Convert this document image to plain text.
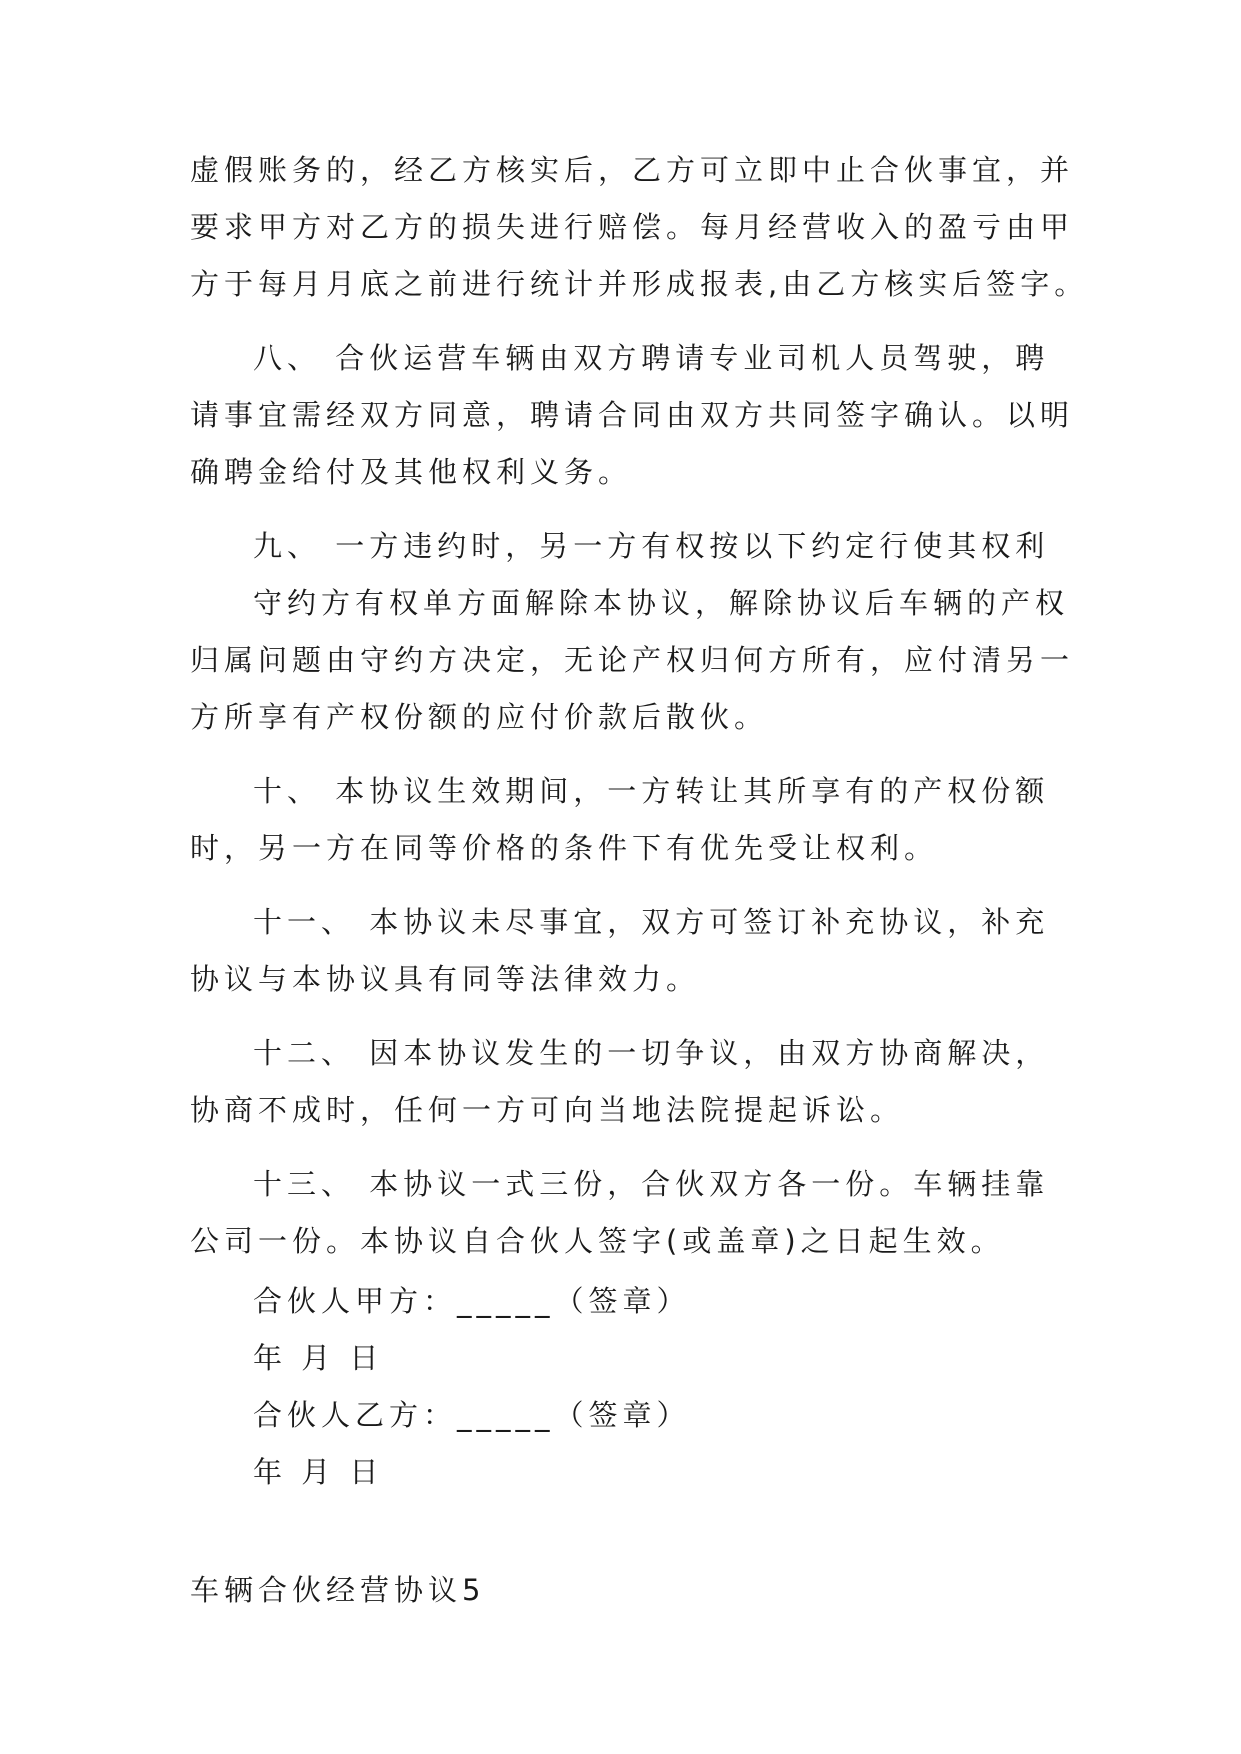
虚假账务的，经乙方核实后，乙方可立即中止合伙事宜，并
要求甲方对乙方的损失进行赔偿。每月经营收入的盈亏由甲
方于每月月底之前进行统计并形成报表,由乙方核实后签字。
八、 合伙运营车辆由双方聘请专业司机人员驾驶，聘
请事宜需经双方同意，聘请合同由双方共同签字确认。以明
确聘金给付及其他权利义务。
九、 一方违约时，另一方有权按以下约定行使其权利
守约方有权单方面解除本协议，解除协议后车辆的产权
归属问题由守约方决定，无论产权归何方所有，应付清另一
方所享有产权份额的应付价款后散伙。
十、 本协议生效期间，一方转让其所享有的产权份额
时，另一方在同等价格的条件下有优先受让权利。
十一、 本协议未尽事宜，双方可签订补充协议，补充
协议与本协议具有同等法律效力。
十二、 因本协议发生的一切争议，由双方协商解决，
协商不成时，任何一方可向当地法院提起诉讼。
十三、 本协议一式三份，合伙双方各一份。车辆挂靠
公司一份。本协议自合伙人签字(或盖章)之日起生效。
合伙人甲方：_____（签章）
年 月 日
合伙人乙方：_____（签章）
年 月 日
车辆合伙经营协议5
